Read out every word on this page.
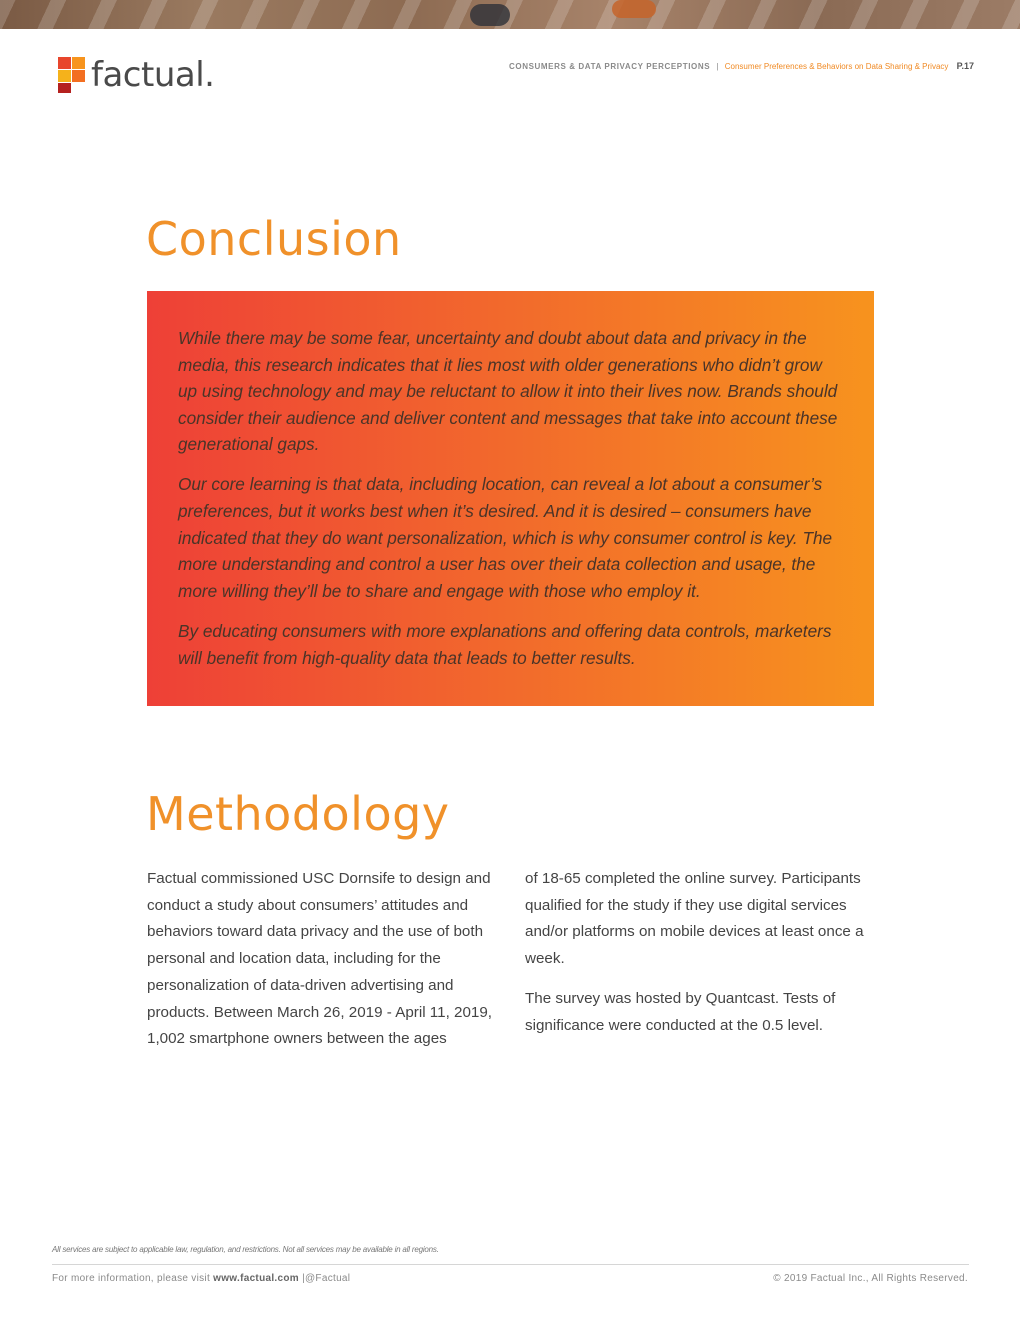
factual.	CONSUMERS & DATA PRIVACY PERCEPTIONS | Consumer Preferences & Behaviors on Data Sharing & Privacy P.17
Conclusion

While there may be some fear, uncertainty and doubt about data and privacy in the media, this research indicates that it lies most with older generations who didn’t grow up using technology and may be reluctant to allow it into their lives now. Brands should consider their audience and deliver content and messages that take into account these generational gaps.

Our core learning is that data, including location, can reveal a lot about a consumer’s preferences, but it works best when it’s desired. And it is desired – consumers have indicated that they do want personalization, which is why consumer control is key. The more understanding and control a user has over their data collection and usage, the more willing they’ll be to share and engage with those who employ it.

By educating consumers with more explanations and offering data controls, marketers will benefit from high-quality data that leads to better results.

Methodology

Factual commissioned USC Dornsife to design and conduct a study about consumers’ attitudes and behaviors toward data privacy and the use of both personal and location data, including for the personalization of data-driven advertising and products. Between March 26, 2019 - April 11, 2019, 1,002 smartphone owners between the ages

of 18-65 completed the online survey. Participants qualified for the study if they use digital services and/or platforms on mobile devices at least once a week.

The survey was hosted by Quantcast. Tests of significance were conducted at the 0.5 level.

All services are subject to applicable law, regulation, and restrictions. Not all services may be available in all regions.
For more information, please visit www.factual.com |@Factual	© 2019 Factual Inc., All Rights Reserved.
